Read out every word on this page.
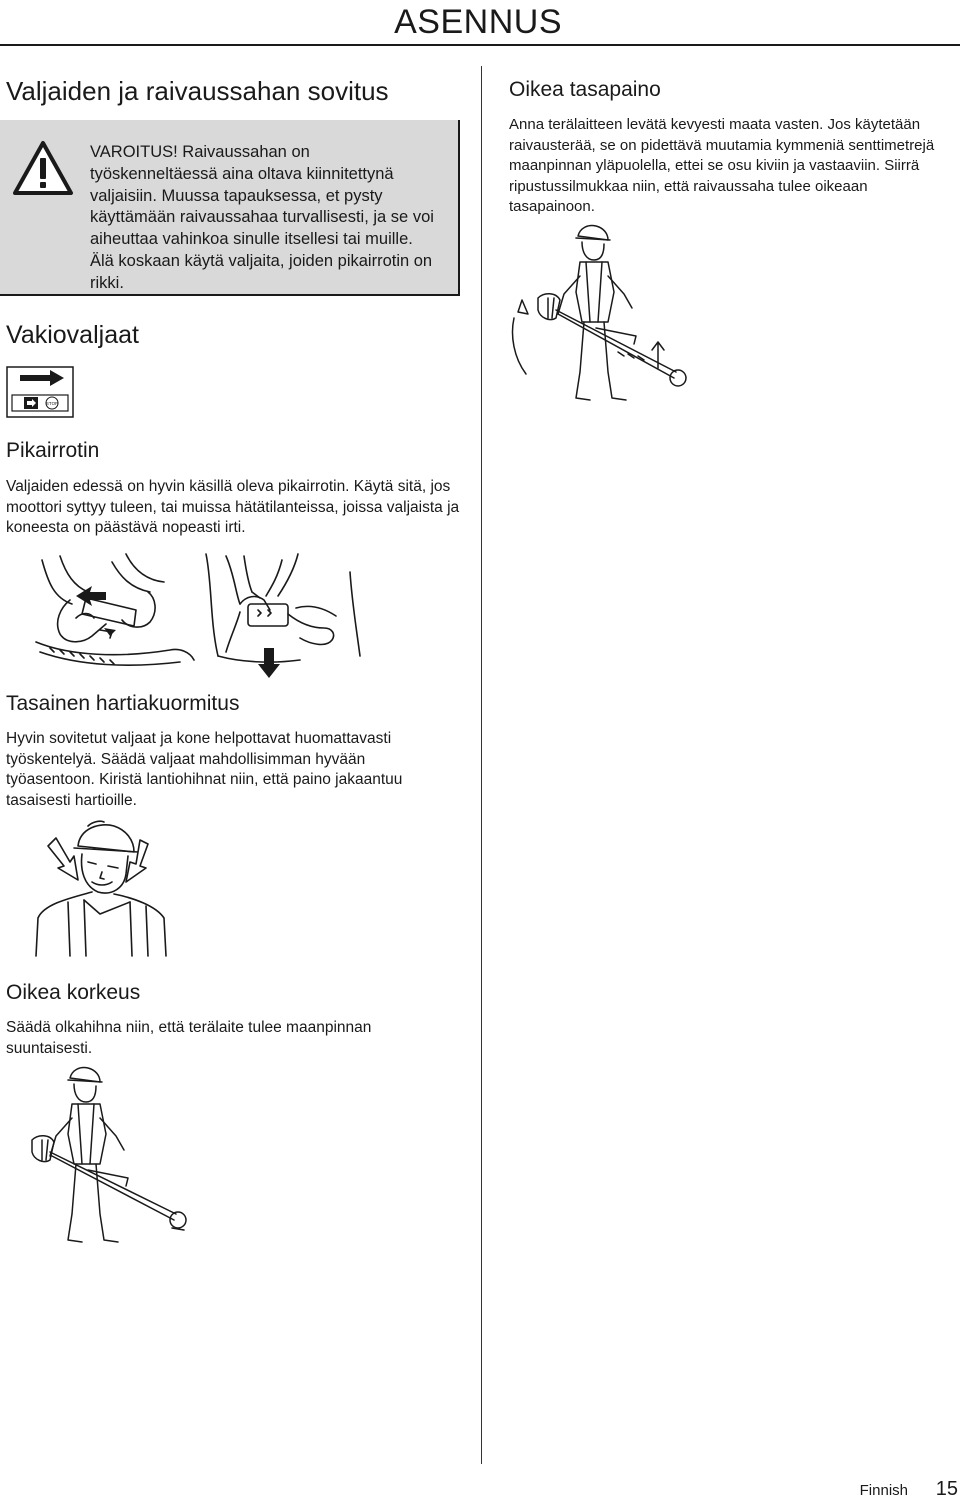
ASENNUS
Valjaiden ja raivaussahan sovitus

VAROITUS! Raivaussahan on työskenneltäessä aina oltava kiinnitettynä valjaisiin. Muussa tapauksessa, et pysty käyttämään raivaussahaa turvallisesti, ja se voi aiheuttaa vahinkoa sinulle itsellesi tai muille. Älä koskaan käytä valjaita, joiden pikairrotin on rikki.

Vakiovaljaat
STOP
Pikairrotin

Valjaiden edessä on hyvin käsillä oleva pikairrotin. Käytä sitä, jos moottori syttyy tuleen, tai muissa hätätilanteissa, joissa valjaista ja koneesta on päästävä nopeasti irti.

Tasainen hartiakuormitus

Hyvin sovitetut valjaat ja kone helpottavat huomattavasti työskentelyä. Säädä valjaat mahdollisimman hyvään työasentoon. Kiristä lantiohihnat niin, että paino jakaantuu tasaisesti hartioille.

Oikea korkeus

Säädä olkahihna niin, että terälaite tulee maanpinnan suuntaisesti.

Oikea tasapaino

Anna terälaitteen levätä kevyesti maata vasten. Jos käytetään raivausterää, se on pidettävä muutamia kymmeniä senttimetrejä maanpinnan yläpuolella, ettei se osu kiviin ja vastaaviin. Siirrä ripustussilmukkaa niin, että raivaussaha tulee oikeaan tasapainoon.

Finnish 15
